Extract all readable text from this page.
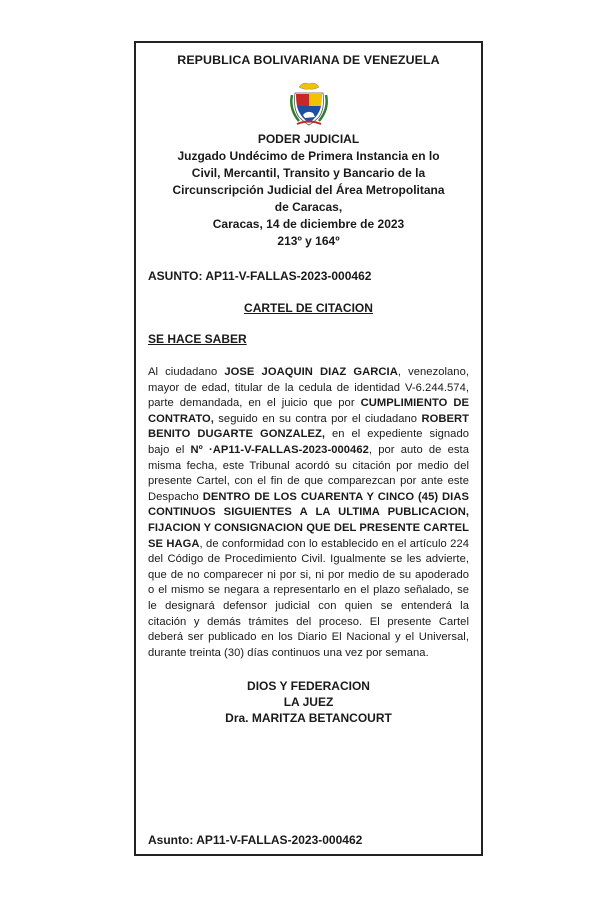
REPUBLICA BOLIVARIANA DE VENEZUELA
PODER JUDICIAL
Juzgado Undécimo de Primera Instancia en lo
Civil, Mercantil, Transito y Bancario de la
Circunscripción Judicial del Área Metropolitana
de Caracas,
Caracas, 14 de diciembre de 2023
213º y 164º
ASUNTO: AP11-V-FALLAS-2023-000462
CARTEL DE CITACION
SE HACE SABER
Al ciudadano JOSE JOAQUIN DIAZ GARCIA, venezolano, mayor de edad, titular de la cedula de identidad V-6.244.574, parte demandada, en el juicio que por CUMPLIMIENTO DE CONTRATO, seguido en su contra por el ciudadano ROBERT BENITO DUGARTE GONZALEZ, en el expediente signado bajo el Nº ·AP11-V-FALLAS-2023-000462, por auto de esta misma fecha, este Tribunal acordó su citación por medio del presente Cartel, con el fin de que comparezcan por ante este Despacho DENTRO DE LOS CUARENTA Y CINCO (45) DIAS CONTINUOS SIGUIENTES A LA ULTIMA PUBLICACION, FIJACION Y CONSIGNACION QUE DEL PRESENTE CARTEL SE HAGA, de conformidad con lo establecido en el artículo 224 del Código de Procedimiento Civil. Igualmente se les advierte, que de no comparecer ni por si, ni por medio de su apoderado o el mismo se negara a representarlo en el plazo señalado, se le designará defensor judicial con quien se entenderá la citación y demás trámites del proceso. El presente Cartel deberá ser publicado en los Diario El Nacional y el Universal, durante treinta (30) días continuos una vez por semana.
DIOS Y FEDERACION
LA JUEZ
Dra. MARITZA BETANCOURT
Asunto: AP11-V-FALLAS-2023-000462
